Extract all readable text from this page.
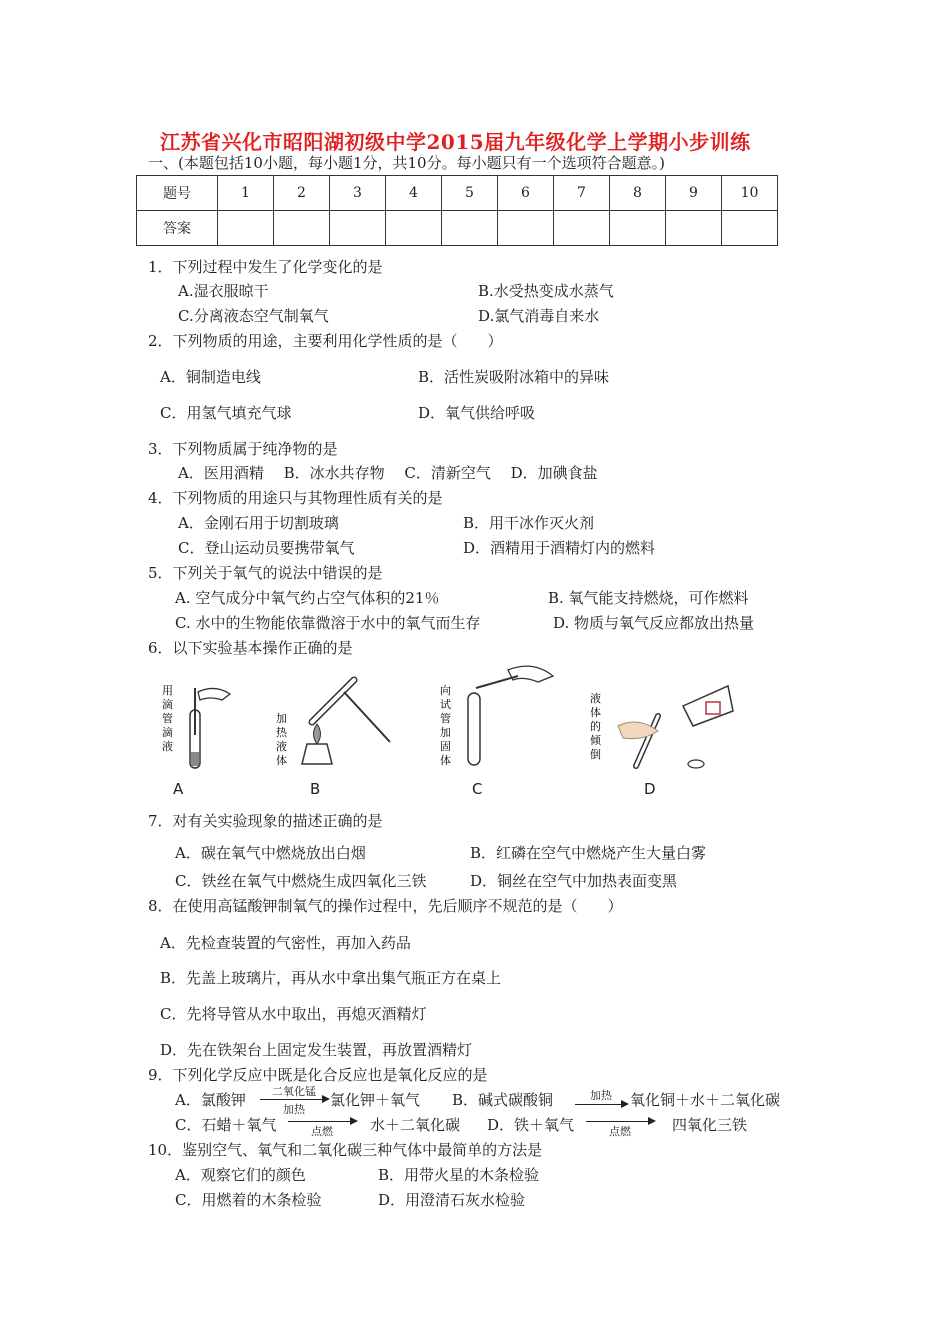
江苏省兴化市昭阳湖初级中学2015届九年级化学上学期小步训练
一、(本题包括10小题，每小题1分，共10分。每小题只有一个选项符合题意。)
题号	1	2	3	4	5	6	7	8	9	10
答案										
1．下列过程中发生了化学变化的是
A.湿衣服晾干	B.水受热变成水蒸气
C.分离液态空气制氧气	D.氯气消毒自来水
2．下列物质的用途，主要利用化学性质的是（　　）
A．铜制造电线	B．活性炭吸附冰箱中的异味
C．用氢气填充气球	D．氧气供给呼吸
3．下列物质属于纯净物的是
A．医用酒精　 B．冰水共存物　 C．清新空气　 D．加碘食盐
4．下列物质的用途只与其物理性质有关的是
A．金刚石用于切割玻璃	B．用干冰作灭火剂
C．登山运动员要携带氧气	D．酒精用于酒精灯内的燃料
5．下列关于氧气的说法中错误的是
A. 空气成分中氧气约占空气体积的21％	B. 氧气能支持燃烧，可作燃料
C. 水中的生物能依靠微溶于水中的氧气而生存	D. 物质与氧气反应都放出热量
6．以下实验基本操作正确的是
用
滴
管
滴
液
加
热
液
体
向
试
管
加
固
体
液
体
的
倾
倒
A	B	C	D
7．对有关实验现象的描述正确的是
A．碳在氧气中燃烧放出白烟	B．红磷在空气中燃烧产生大量白雾
C．铁丝在氧气中燃烧生成四氧化三铁	D．铜丝在空气中加热表面变黑
8．在使用高锰酸钾制氧气的操作过程中，先后顺序不规范的是（　　）
A．先检查装置的气密性，再加入药品
B．先盖上玻璃片，再从水中拿出集气瓶正方在桌上
C．先将导管从水中取出，再熄灭酒精灯
D．先在铁架台上固定发生装置，再放置酒精灯
9．下列化学反应中既是化合反应也是氧化反应的是
A．氯酸钾	二氧化锰
加热
氯化钾＋氧气 B．碱式碳酸铜	加热	氧化铜＋水＋二氧化碳
C．石蜡＋氧气	点燃	水＋二氧化碳 D．铁＋氧气	点燃	四氧化三铁
10．鉴别空气、氧气和二氧化碳三种气体中最简单的方法是
A．观察它们的颜色	B．用带火星的木条检验
C．用燃着的木条检验	D．用澄清石灰水检验
